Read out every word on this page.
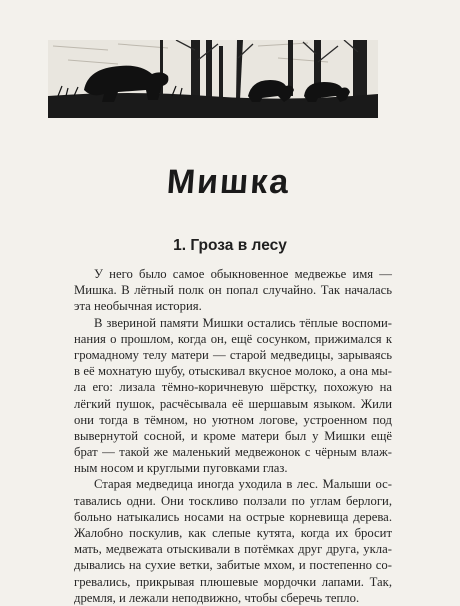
Мишка
1. Гроза в лесу
У него было самое обыкновенное медвежье имя —
Мишка. В лётный полк он попал случайно. Так началась
эта необычная история.
В звериной памяти Мишки остались тёплые воспоми-
нания о прошлом, когда он, ещё сосунком, прижимался к
громадному телу матери — старой медведицы, зарываясь
в её мохнатую шубу, отыскивал вкусное молоко, а она мы-
ла его: лизала тёмно-коричневую шёрстку, похожую на
лёгкий пушок, расчёсывала её шершавым языком. Жили
они тогда в тёмном, но уютном логове, устроенном под
вывернутой сосной, и кроме матери был у Мишки ещё
брат — такой же маленький медвежонок с чёрным влаж-
ным носом и круглыми пуговками глаз.
Старая медведица иногда уходила в лес. Малыши ос-
тавались одни. Они тоскливо ползали по углам берлоги,
больно натыкались носами на острые корневища дерева.
Жалобно поскулив, как слепые кутята, когда их бросит
мать, медвежата отыскивали в потёмках друг друга, укла-
дывались на сухие ветки, забитые мхом, и постепенно со-
гревались, прикрывая плюшевые мордочки лапами. Так,
дремля, и лежали неподвижно, чтобы сберечь тепло.
